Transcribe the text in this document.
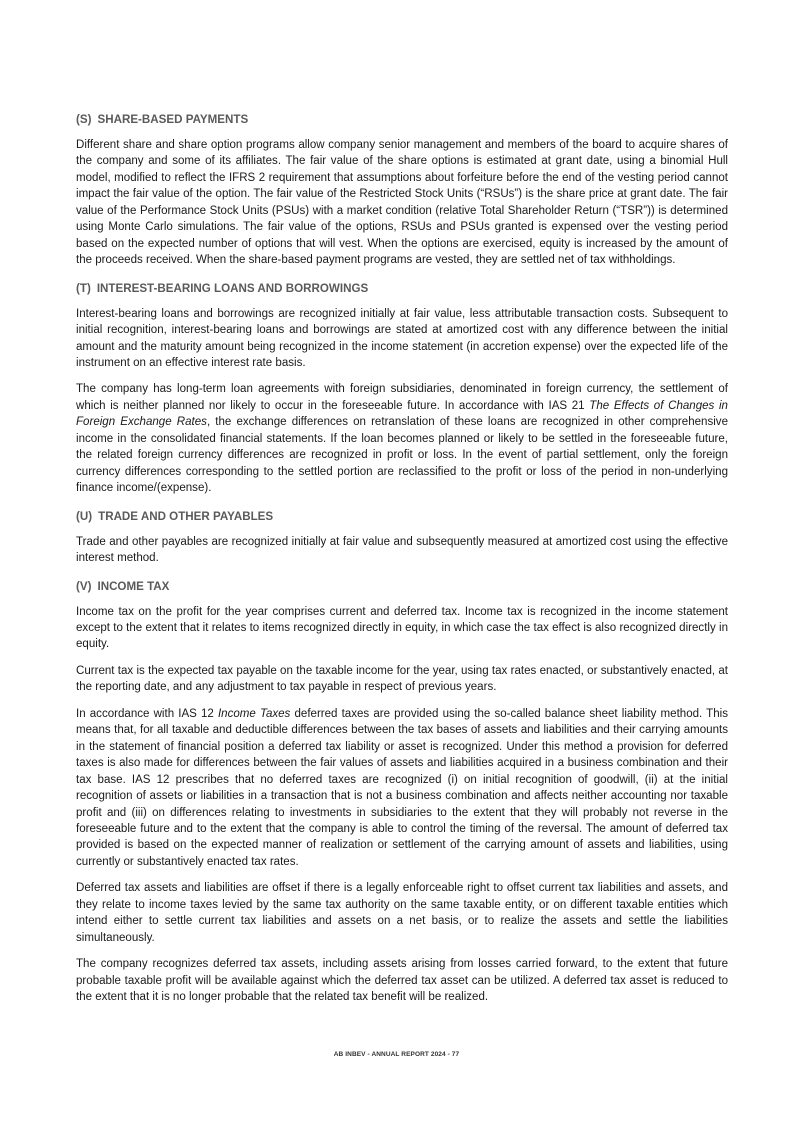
(S) SHARE-BASED PAYMENTS

Different share and share option programs allow company senior management and members of the board to acquire shares of the company and some of its affiliates. The fair value of the share options is estimated at grant date, using a binomial Hull model, modified to reflect the IFRS 2 requirement that assumptions about forfeiture before the end of the vesting period cannot impact the fair value of the option. The fair value of the Restricted Stock Units (“RSUs”) is the share price at grant date. The fair value of the Performance Stock Units (PSUs) with a market condition (relative Total Shareholder Return (“TSR”)) is determined using Monte Carlo simulations. The fair value of the options, RSUs and PSUs granted is expensed over the vesting period based on the expected number of options that will vest. When the options are exercised, equity is increased by the amount of the proceeds received. When the share-based payment programs are vested, they are settled net of tax withholdings.

(T) INTEREST-BEARING LOANS AND BORROWINGS

Interest-bearing loans and borrowings are recognized initially at fair value, less attributable transaction costs. Subsequent to initial recognition, interest-bearing loans and borrowings are stated at amortized cost with any difference between the initial amount and the maturity amount being recognized in the income statement (in accretion expense) over the expected life of the instrument on an effective interest rate basis.

The company has long-term loan agreements with foreign subsidiaries, denominated in foreign currency, the settlement of which is neither planned nor likely to occur in the foreseeable future. In accordance with IAS 21 The Effects of Changes in Foreign Exchange Rates, the exchange differences on retranslation of these loans are recognized in other comprehensive income in the consolidated financial statements. If the loan becomes planned or likely to be settled in the foreseeable future, the related foreign currency differences are recognized in profit or loss. In the event of partial settlement, only the foreign currency differences corresponding to the settled portion are reclassified to the profit or loss of the period in non-underlying finance income/(expense).

(U) TRADE AND OTHER PAYABLES

Trade and other payables are recognized initially at fair value and subsequently measured at amortized cost using the effective interest method.

(V) INCOME TAX

Income tax on the profit for the year comprises current and deferred tax. Income tax is recognized in the income statement except to the extent that it relates to items recognized directly in equity, in which case the tax effect is also recognized directly in equity.

Current tax is the expected tax payable on the taxable income for the year, using tax rates enacted, or substantively enacted, at the reporting date, and any adjustment to tax payable in respect of previous years.

In accordance with IAS 12 Income Taxes deferred taxes are provided using the so-called balance sheet liability method. This means that, for all taxable and deductible differences between the tax bases of assets and liabilities and their carrying amounts in the statement of financial position a deferred tax liability or asset is recognized. Under this method a provision for deferred taxes is also made for differences between the fair values of assets and liabilities acquired in a business combination and their tax base. IAS 12 prescribes that no deferred taxes are recognized (i) on initial recognition of goodwill, (ii) at the initial recognition of assets or liabilities in a transaction that is not a business combination and affects neither accounting nor taxable profit and (iii) on differences relating to investments in subsidiaries to the extent that they will probably not reverse in the foreseeable future and to the extent that the company is able to control the timing of the reversal. The amount of deferred tax provided is based on the expected manner of realization or settlement of the carrying amount of assets and liabilities, using currently or substantively enacted tax rates.

Deferred tax assets and liabilities are offset if there is a legally enforceable right to offset current tax liabilities and assets, and they relate to income taxes levied by the same tax authority on the same taxable entity, or on different taxable entities which intend either to settle current tax liabilities and assets on a net basis, or to realize the assets and settle the liabilities simultaneously.

The company recognizes deferred tax assets, including assets arising from losses carried forward, to the extent that future probable taxable profit will be available against which the deferred tax asset can be utilized. A deferred tax asset is reduced to the extent that it is no longer probable that the related tax benefit will be realized.

AB INBEV - ANNUAL REPORT 2024 - 77
